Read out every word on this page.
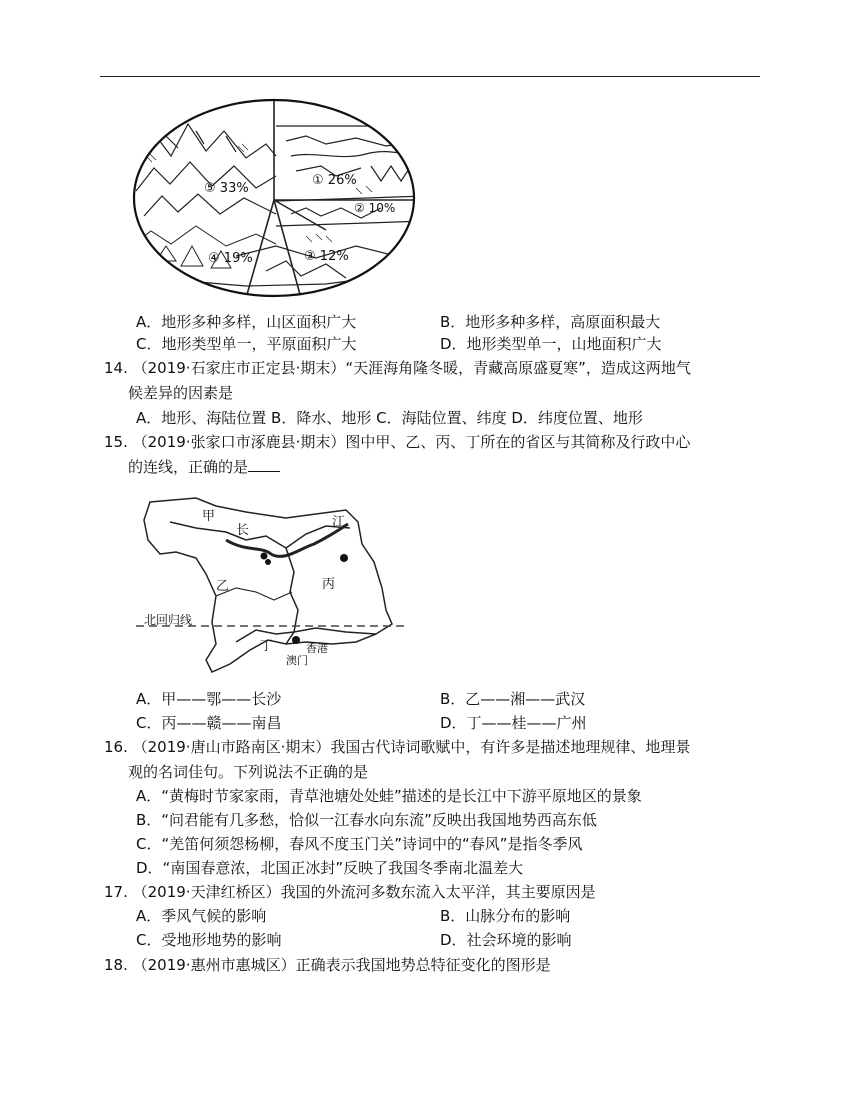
⑤ 33%
① 26%
② 10%
④ 19%	③ 12%
A．地形多种多样，山区面积广大	B．地形多种多样，高原面积最大
C．地形类型单一，平原面积广大	D．地形类型单一，山地面积广大
14. （2019·石家庄市正定县·期末）“天涯海角隆冬暖，青藏高原盛夏寒”，造成这两地气
候差异的因素是
A．地形、海陆位置 B．降水、地形 C．海陆位置、纬度 D．纬度位置、地形
15. （2019·张家口市涿鹿县·期末）图中甲、乙、丙、丁所在的省区与其简称及行政中心
的连线，正确的是
甲
长
江
乙	丙
北回归线
丁	香港
澳门
A．甲——鄂——长沙	B．乙——湘——武汉
C．丙——赣——南昌	D．丁——桂——广州
16. （2019·唐山市路南区·期末）我国古代诗词歌赋中，有许多是描述地理规律、地理景
观的名词佳句。下列说法不正确的是
A．“黄梅时节家家雨，青草池塘处处蛙”描述的是长江中下游平原地区的景象
B．“问君能有几多愁，恰似一江春水向东流”反映出我国地势西高东低
C．“羌笛何须怨杨柳，春风不度玉门关”诗词中的“春风”是指冬季风
D．“南国春意浓，北国正冰封”反映了我国冬季南北温差大
17. （2019·天津红桥区）我国的外流河多数东流入太平洋，其主要原因是
A．季风气候的影响	B．山脉分布的影响
C．受地形地势的影响	D．社会环境的影响
18. （2019·惠州市惠城区）正确表示我国地势总特征变化的图形是
